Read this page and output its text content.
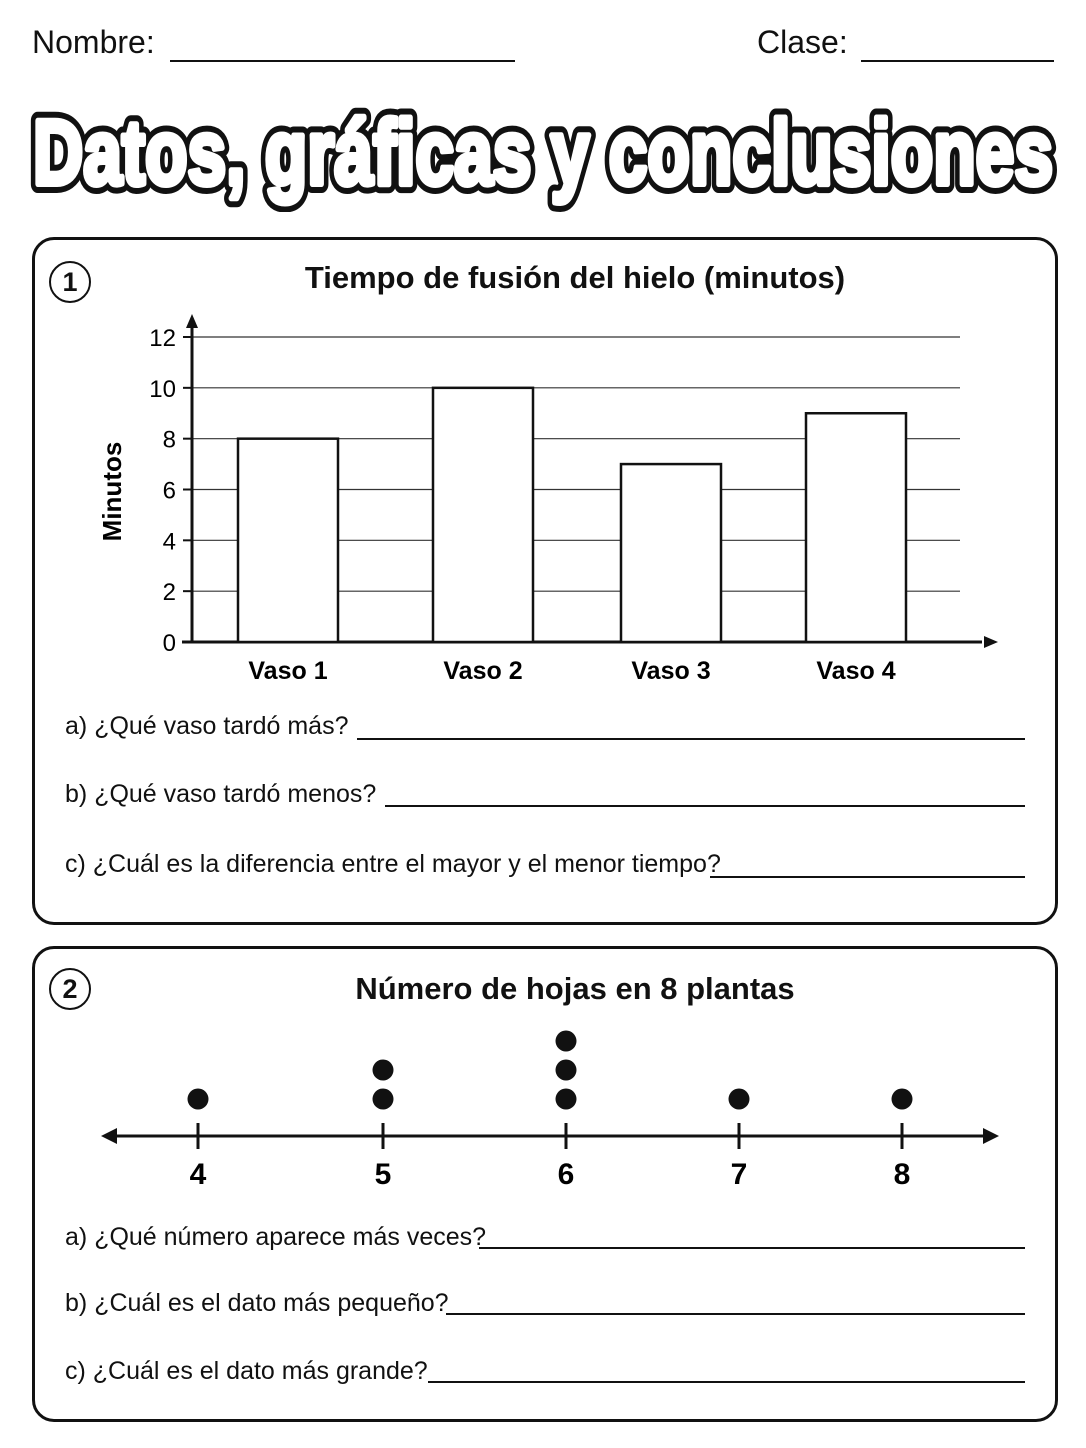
Nombre:	Clase:
Datos, gráficas y conclusiones
Datos, gráficas y conclusiones
1	Tiempo de fusión del hielo (minutos)
0
2
4
6
8
10
12
Minutos
Vaso 1	Vaso 2	Vaso 3	Vaso 4
a) ¿Qué vaso tardó más?
b) ¿Qué vaso tardó menos?
c) ¿Cuál es la diferencia entre el mayor y el menor tiempo?
2	Número de hojas en 8 plantas
4	5	6	7	8
a) ¿Qué número aparece más veces?
b) ¿Cuál es el dato más pequeño?
c) ¿Cuál es el dato más grande?
